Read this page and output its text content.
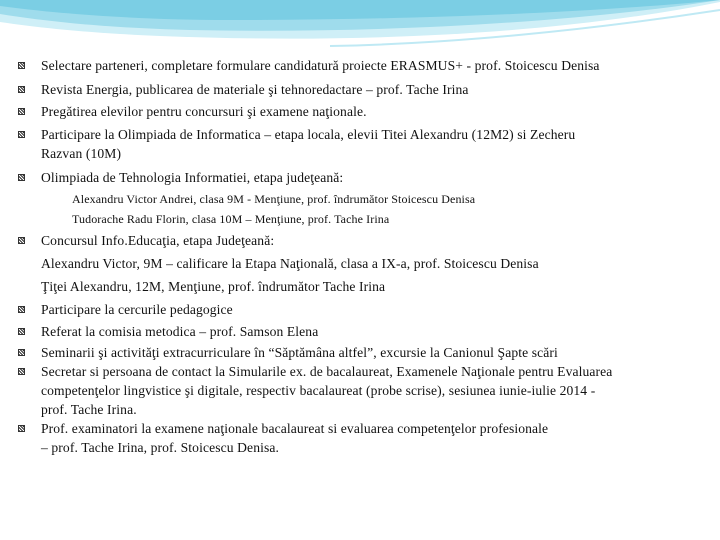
Selectare parteneri, completare formulare candidatură proiecte ERASMUS+ - prof. Stoicescu Denisa
Revista Energia, publicarea de materiale şi tehnoredactare – prof. Tache Irina
Pregătirea elevilor pentru concursuri şi examene naţionale.
Participare la Olimpiada de Informatica – etapa locala, elevii Titei Alexandru (12M2) si Zecheru
Razvan (10M)
Olimpiada de Tehnologia Informatiei, etapa judeţeană:
Alexandru Victor Andrei, clasa 9M - Menţiune, prof. îndrumător Stoicescu Denisa
Tudorache Radu Florin, clasa 10M – Menţiune, prof. Tache Irina
Concursul Info.Educaţia, etapa Judeţeană:
Alexandru Victor, 9M – calificare la Etapa Naţională, clasa a IX-a, prof. Stoicescu Denisa
Ţiţei Alexandru, 12M, Menţiune, prof. îndrumător Tache Irina
Participare la cercurile pedagogice
Referat la comisia metodica – prof. Samson Elena
Seminarii şi activităţi extracurriculare în “Săptămâna altfel”, excursie la Canionul Şapte scări
Secretar si persoana de contact la Simularile ex. de bacalaureat, Examenele Naţionale pentru Evaluarea
competenţelor lingvistice şi digitale, respectiv bacalaureat (probe scrise), sesiunea iunie-iulie 2014 -
prof. Tache Irina.
Prof. examinatori la examene naţionale bacalaureat si evaluarea competenţelor profesionale
– prof. Tache Irina, prof. Stoicescu Denisa.
